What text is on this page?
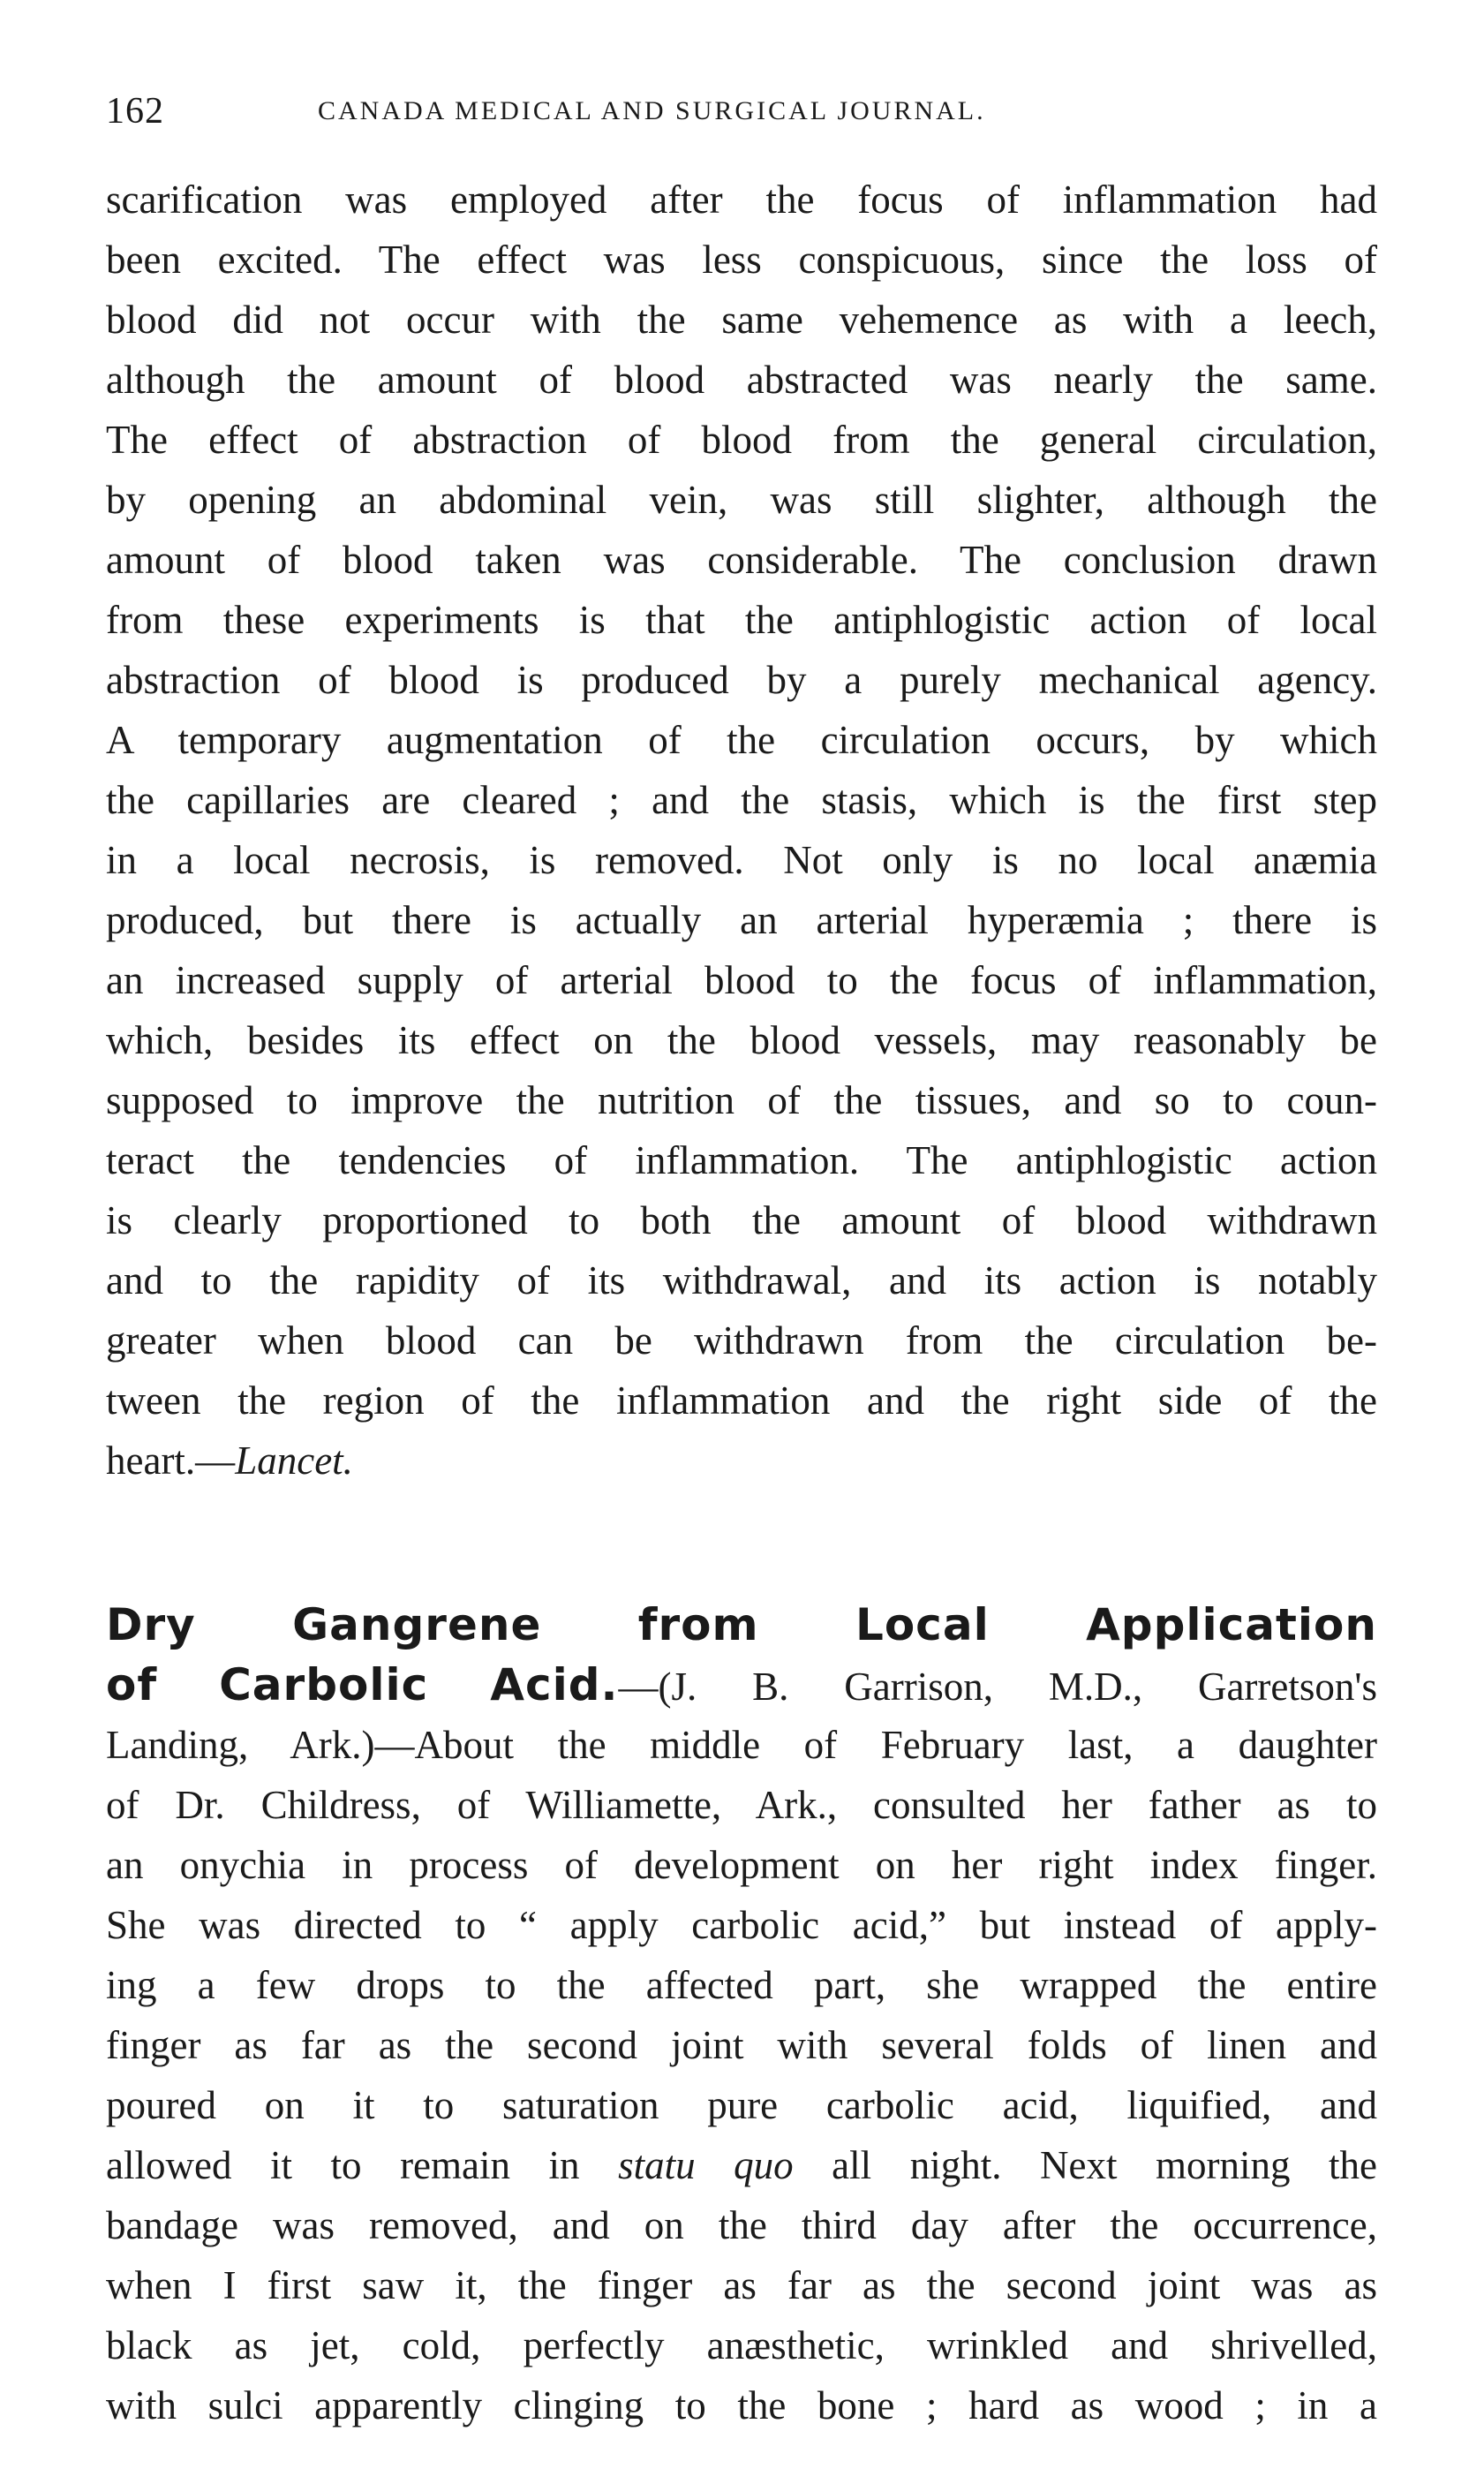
162	CANADA MEDICAL AND SURGICAL JOURNAL.
scarification was employed after the focus of inflammation had
been excited. The effect was less conspicuous, since the loss of
blood did not occur with the same vehemence as with a leech,
although the amount of blood abstracted was nearly the same.
The effect of abstraction of blood from the general circulation,
by opening an abdominal vein, was still slighter, although the
amount of blood taken was considerable. The conclusion drawn
from these experiments is that the antiphlogistic action of local
abstraction of blood is produced by a purely mechanical agency.
A temporary augmentation of the circulation occurs, by which
the capillaries are cleared ; and the stasis, which is the first step
in a local necrosis, is removed. Not only is no local anæmia
produced, but there is actually an arterial hyperæmia ; there is
an increased supply of arterial blood to the focus of inflammation,
which, besides its effect on the blood vessels, may reasonably be
supposed to improve the nutrition of the tissues, and so to coun-
teract the tendencies of inflammation. The antiphlogistic action
is clearly proportioned to both the amount of blood withdrawn
and to the rapidity of its withdrawal, and its action is notably
greater when blood can be withdrawn from the circulation be-
tween the region of the inflammation and the right side of the
heart.—Lancet.
Dry Gangrene from Local Application
of Carbolic Acid.—(J. B. Garrison, M.D., Garretson's
Landing, Ark.)—About the middle of February last, a daughter
of Dr. Childress, of Williamette, Ark., consulted her father as to
an onychia in process of development on her right index finger.
She was directed to “ apply carbolic acid,” but instead of apply-
ing a few drops to the affected part, she wrapped the entire
finger as far as the second joint with several folds of linen and
poured on it to saturation pure carbolic acid, liquified, and
allowed it to remain in statu quo all night. Next morning the
bandage was removed, and on the third day after the occurrence,
when I first saw it, the finger as far as the second joint was as
black as jet, cold, perfectly anæsthetic, wrinkled and shrivelled,
with sulci apparently clinging to the bone ; hard as wood ; in a
